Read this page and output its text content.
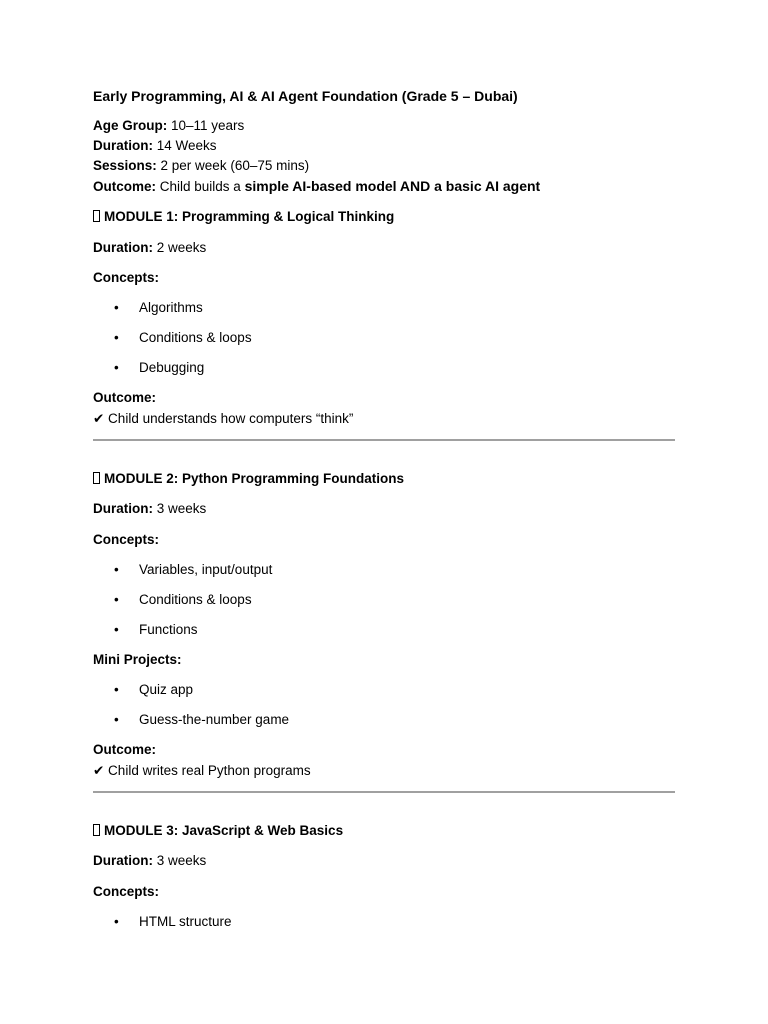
Early Programming, AI & AI Agent Foundation (Grade 5 – Dubai)
Age Group: 10–11 years
Duration: 14 Weeks
Sessions: 2 per week (60–75 mins)
Outcome: Child builds a simple AI-based model AND a basic AI agent
MODULE 1: Programming & Logical Thinking
Duration: 2 weeks
Concepts:
• Algorithms
• Conditions & loops
• Debugging
Outcome:
✔ Child understands how computers “think”
MODULE 2: Python Programming Foundations
Duration: 3 weeks
Concepts:
• Variables, input/output
• Conditions & loops
• Functions
Mini Projects:
• Quiz app
• Guess-the-number game
Outcome:
✔ Child writes real Python programs
MODULE 3: JavaScript & Web Basics
Duration: 3 weeks
Concepts:
• HTML structure
